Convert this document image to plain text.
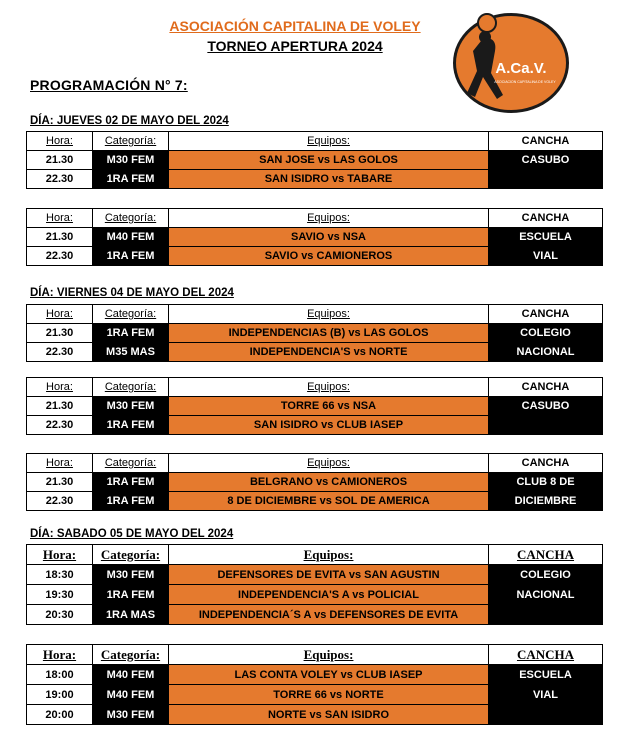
ASOCIACIÓN CAPITALINA DE VOLEY
TORNEO APERTURA 2024
PROGRAMACIÓN N° 7:
A.Ca.V.
ASOCIACION CAPITALINA DE VOLEY
DÍA: JUEVES 02 DE MAYO DEL 2024
DÍA: VIERNES 04 DE MAYO DEL 2024
DÍA: SABADO 05 DE MAYO DEL 2024
Hora:	Categoría:	Equipos:	CANCHA
21.30	M30 FEM	SAN JOSE vs LAS GOLOS	CASUBO
22.30	1RA FEM	SAN ISIDRO vs TABARE	
Hora:	Categoría:	Equipos:	CANCHA
21.30	M40 FEM	SAVIO vs NSA	ESCUELA
22.30	1RA FEM	SAVIO vs CAMIONEROS	VIAL
Hora:	Categoría:	Equipos:	CANCHA
21.30	1RA FEM	INDEPENDENCIAS (B) vs LAS GOLOS	COLEGIO
22.30	M35 MAS	INDEPENDENCIA'S vs NORTE	NACIONAL
Hora:	Categoría:	Equipos:	CANCHA
21.30	M30 FEM	TORRE 66 vs NSA	CASUBO
22.30	1RA FEM	SAN ISIDRO vs CLUB IASEP	
Hora:	Categoría:	Equipos:	CANCHA
21.30	1RA FEM	BELGRANO vs CAMIONEROS	CLUB 8 DE
22.30	1RA FEM	8 DE DICIEMBRE vs SOL DE AMERICA	DICIEMBRE
Hora:	Categoría:	Equipos:	CANCHA
18:30	M30 FEM	DEFENSORES DE EVITA vs SAN AGUSTIN	COLEGIO
19:30	1RA FEM	INDEPENDENCIA'S A vs POLICIAL	NACIONAL
20:30	1RA MAS	INDEPENDENCIA´S A vs DEFENSORES DE EVITA	
Hora:	Categoría:	Equipos:	CANCHA
18:00	M40 FEM	LAS CONTA VOLEY vs CLUB IASEP	ESCUELA
19:00	M40 FEM	TORRE 66 vs NORTE	VIAL
20:00	M30 FEM	NORTE vs SAN ISIDRO	
